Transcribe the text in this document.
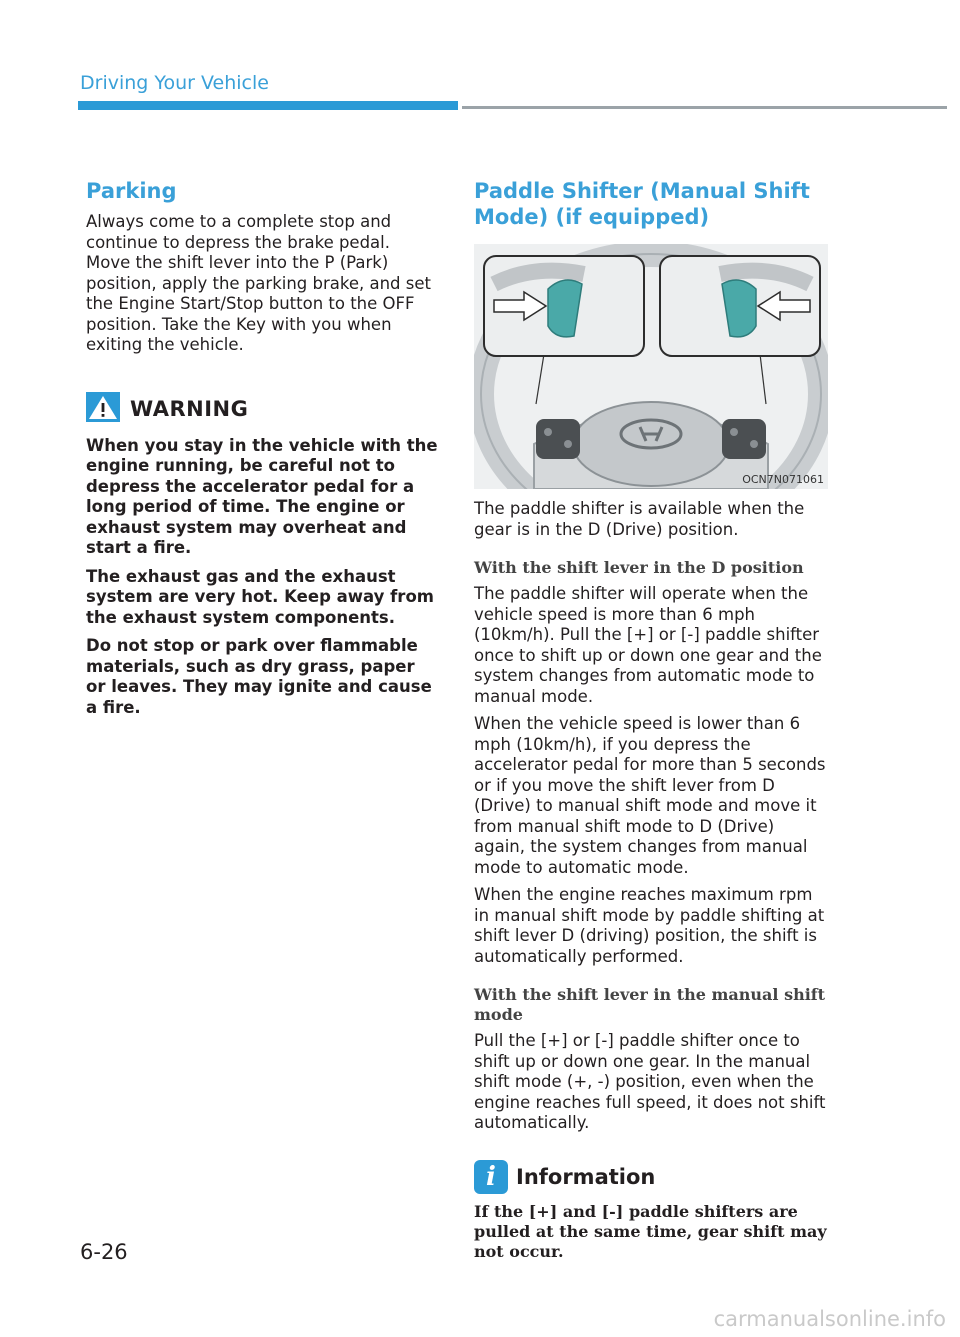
Driving Your Vehicle
Parking

Always come to a complete stop and continue to depress the brake pedal. Move the shift lever into the P (Park) position, apply the parking brake, and set the Engine Start/Stop button to the OFF position. Take the Key with you when exiting the vehicle.

WARNING

When you stay in the vehicle with the engine running, be careful not to depress the accelerator pedal for a long period of time. The engine or exhaust system may overheat and start a fire.

The exhaust gas and the exhaust system are very hot. Keep away from the exhaust system components.

Do not stop or park over flammable materials, such as dry grass, paper or leaves. They may ignite and cause a fire.

Paddle Shifter (Manual Shift Mode) (if equipped)
OCN7N071061

The paddle shifter is available when the gear is in the D (Drive) position.

With the shift lever in the D position

The paddle shifter will operate when the vehicle speed is more than 6 mph (10km/h). Pull the [+] or [-] paddle shifter once to shift up or down one gear and the system changes from automatic mode to manual mode.

When the vehicle speed is lower than 6 mph (10km/h), if you depress the accelerator pedal for more than 5 seconds or if you move the shift lever from D (Drive) to manual shift mode and move it from manual shift mode to D (Drive) again, the system changes from manual mode to automatic mode.

When the engine reaches maximum rpm in manual shift mode by paddle shifting at shift lever D (driving) position, the shift is automatically performed.

With the shift lever in the manual shift mode

Pull the [+] or [-] paddle shifter once to shift up or down one gear. In the manual shift mode (+, -) position, even when the engine reaches full speed, it does not shift automatically.

i Information

If the [+] and [-] paddle shifters are pulled at the same time, gear shift may not occur.

6-26
carmanualsonline.info
